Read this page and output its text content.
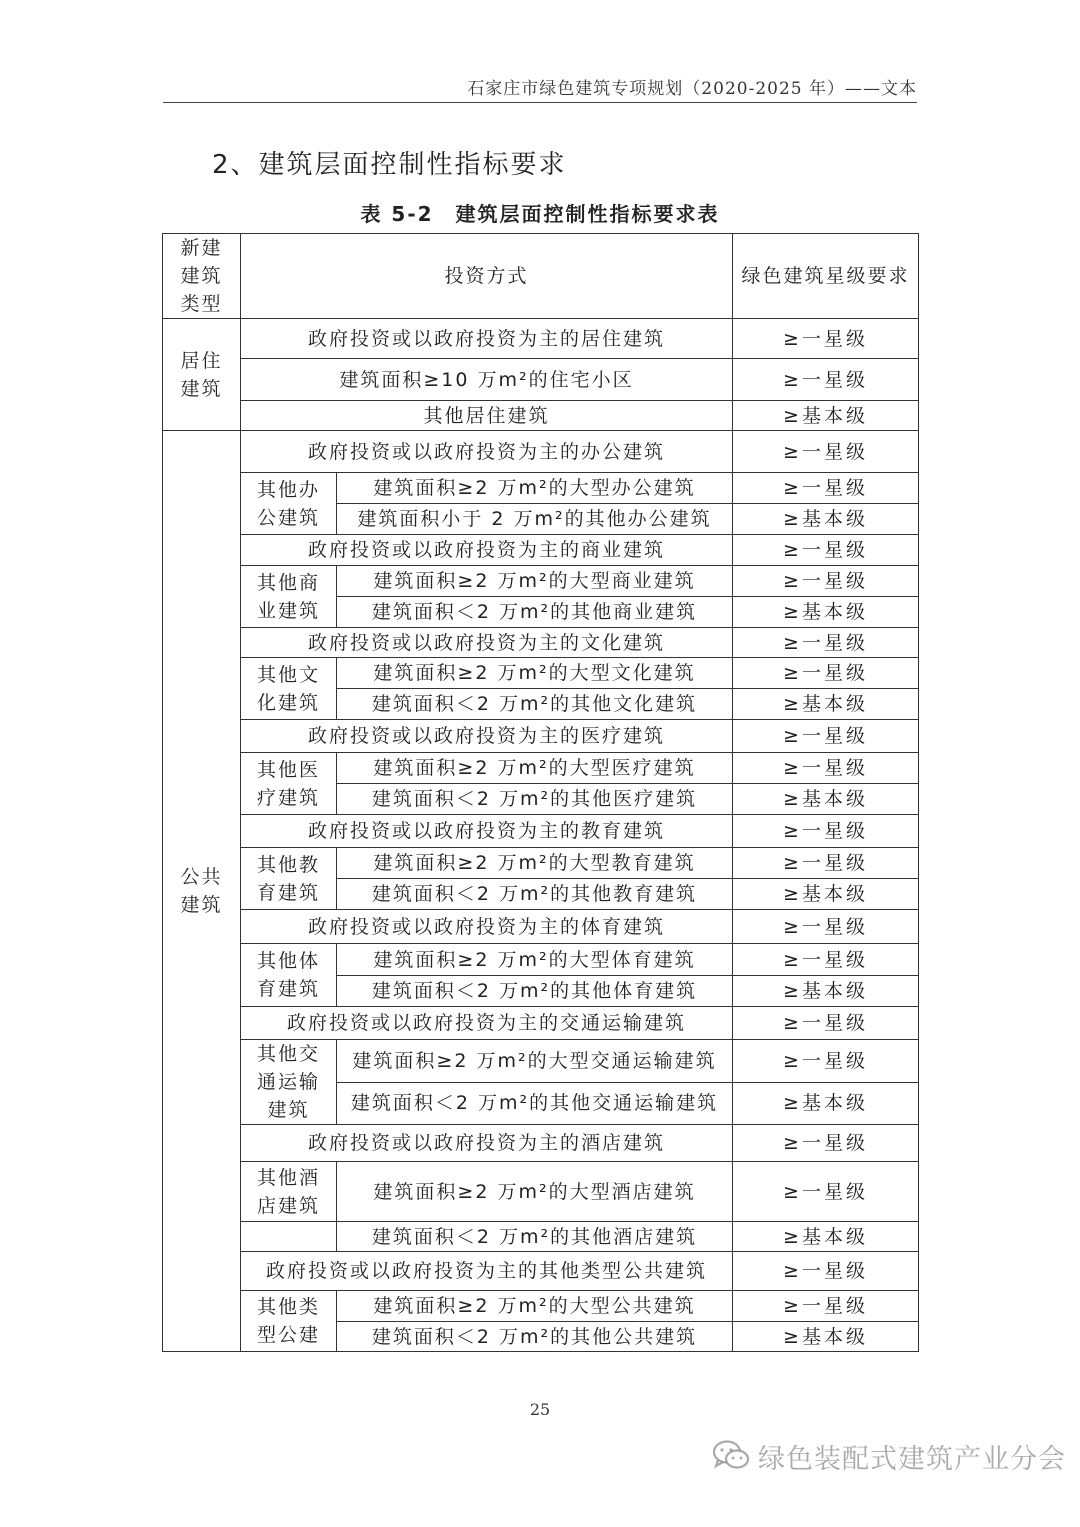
石家庄市绿色建筑专项规划（2020-2025 年）——文本
2、建筑层面控制性指标要求
表 5-2　建筑层面控制性指标要求表
新建建筑类型	投资方式		绿色建筑星级要求
居住建筑	政府投资或以政府投资为主的居住建筑		≥一星级
	建筑面积≥10 万m²的住宅小区		≥一星级
	其他居住建筑		≥基本级
公共建筑	政府投资或以政府投资为主的办公建筑		≥一星级
	其他办公建筑	建筑面积≥2 万m²的大型办公建筑	≥一星级
		建筑面积小于 2 万m²的其他办公建筑	≥基本级
	政府投资或以政府投资为主的商业建筑		≥一星级
	其他商业建筑	建筑面积≥2 万m²的大型商业建筑	≥一星级
		建筑面积＜2 万m²的其他商业建筑	≥基本级
	政府投资或以政府投资为主的文化建筑		≥一星级
	其他文化建筑	建筑面积≥2 万m²的大型文化建筑	≥一星级
		建筑面积＜2 万m²的其他文化建筑	≥基本级
	政府投资或以政府投资为主的医疗建筑		≥一星级
	其他医疗建筑	建筑面积≥2 万m²的大型医疗建筑	≥一星级
		建筑面积＜2 万m²的其他医疗建筑	≥基本级
	政府投资或以政府投资为主的教育建筑		≥一星级
	其他教育建筑	建筑面积≥2 万m²的大型教育建筑	≥一星级
		建筑面积＜2 万m²的其他教育建筑	≥基本级
	政府投资或以政府投资为主的体育建筑		≥一星级
	其他体育建筑	建筑面积≥2 万m²的大型体育建筑	≥一星级
		建筑面积＜2 万m²的其他体育建筑	≥基本级
	政府投资或以政府投资为主的交通运输建筑		≥一星级
	其他交通运输建筑	建筑面积≥2 万m²的大型交通运输建筑	≥一星级
		建筑面积＜2 万m²的其他交通运输建筑	≥基本级
	政府投资或以政府投资为主的酒店建筑		≥一星级
	其他酒店建筑	建筑面积≥2 万m²的大型酒店建筑	≥一星级
		建筑面积＜2 万m²的其他酒店建筑	≥基本级
	政府投资或以政府投资为主的其他类型公共建筑		≥一星级
	其他类型公建	建筑面积≥2 万m²的大型公共建筑	≥一星级
		建筑面积＜2 万m²的其他公共建筑	≥基本级
25
绿色装配式建筑产业分会
